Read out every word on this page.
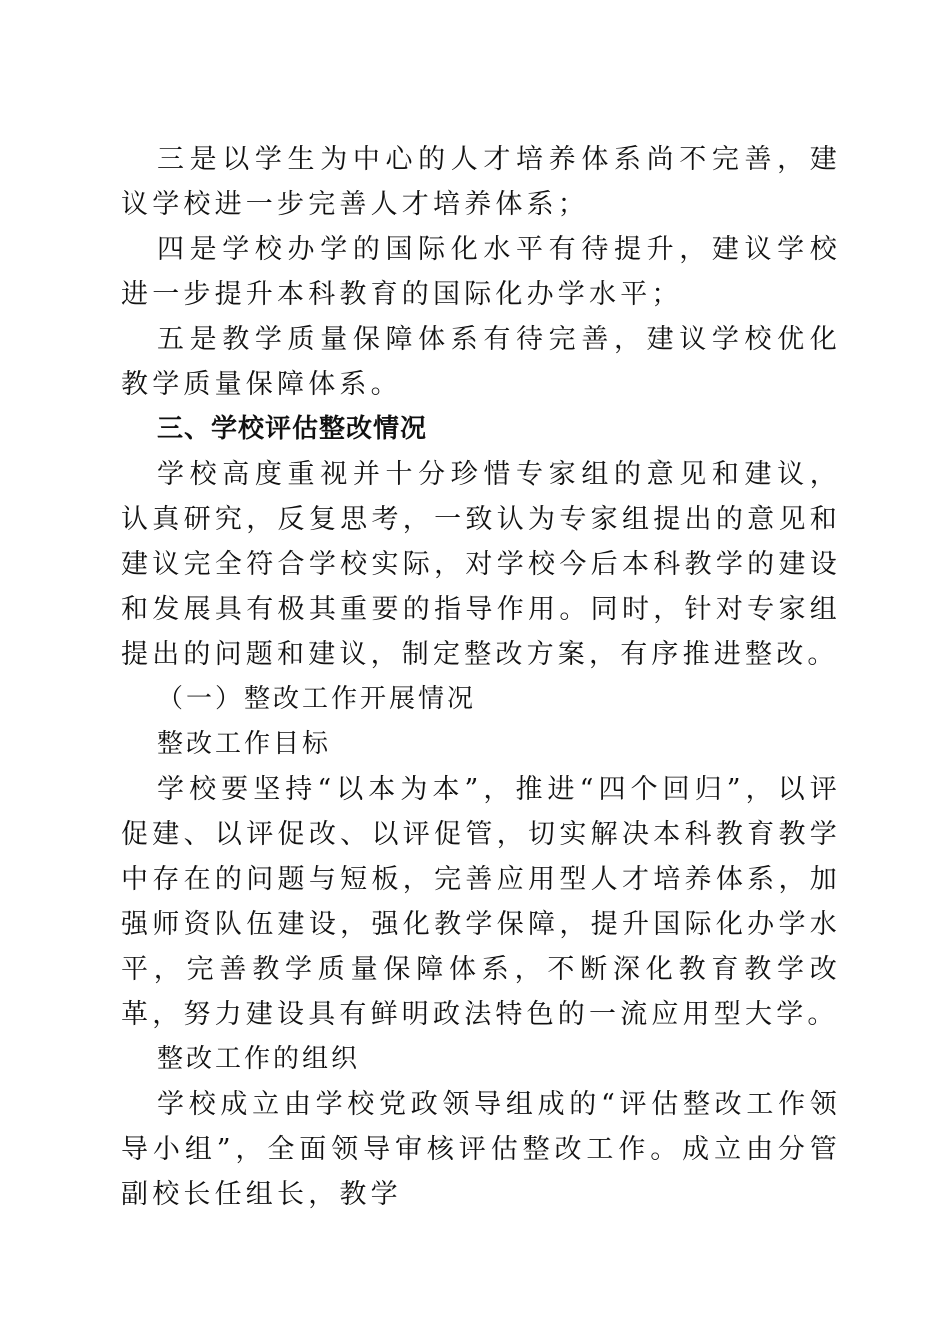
三是以学生为中心的人才培养体系尚不完善，建议学校进一步完善人才培养体系；

四是学校办学的国际化水平有待提升，建议学校进一步提升本科教育的国际化办学水平；

五是教学质量保障体系有待完善，建议学校优化教学质量保障体系。

三、学校评估整改情况

学校高度重视并十分珍惜专家组的意见和建议，认真研究，反复思考，一致认为专家组提出的意见和建议完全符合学校实际，对学校今后本科教学的建设和发展具有极其重要的指导作用。同时，针对专家组提出的问题和建议，制定整改方案，有序推进整改。

（一）整改工作开展情况

整改工作目标

学校要坚持“以本为本”，推进“四个回归”，以评促建、以评促改、以评促管，切实解决本科教育教学中存在的问题与短板，完善应用型人才培养体系，加强师资队伍建设，强化教学保障，提升国际化办学水平，完善教学质量保障体系，不断深化教育教学改革，努力建设具有鲜明政法特色的一流应用型大学。

整改工作的组织

学校成立由学校党政领导组成的“评估整改工作领导小组”，全面领导审核评估整改工作。成立由分管副校长任组长，教学
